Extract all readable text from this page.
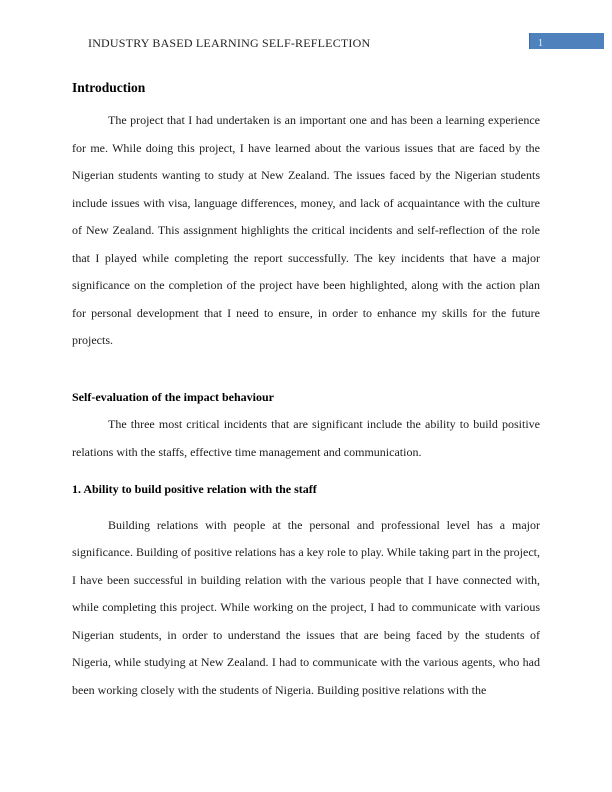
INDUSTRY BASED LEARNING SELF-REFLECTION	1
Introduction

The project that I had undertaken is an important one and has been a learning experience for me. While doing this project, I have learned about the various issues that are faced by the Nigerian students wanting to study at New Zealand. The issues faced by the Nigerian students include issues with visa, language differences, money, and lack of acquaintance with the culture of New Zealand. This assignment highlights the critical incidents and self-reflection of the role that I played while completing the report successfully. The key incidents that have a major significance on the completion of the project have been highlighted, along with the action plan for personal development that I need to ensure, in order to enhance my skills for the future projects.

Self-evaluation of the impact behaviour

The three most critical incidents that are significant include the ability to build positive relations with the staffs, effective time management and communication.

1. Ability to build positive relation with the staff

Building relations with people at the personal and professional level has a major significance. Building of positive relations has a key role to play. While taking part in the project, I have been successful in building relation with the various people that I have connected with, while completing this project. While working on the project, I had to communicate with various Nigerian students, in order to understand the issues that are being faced by the students of Nigeria, while studying at New Zealand. I had to communicate with the various agents, who had been working closely with the students of Nigeria. Building positive relations with the
